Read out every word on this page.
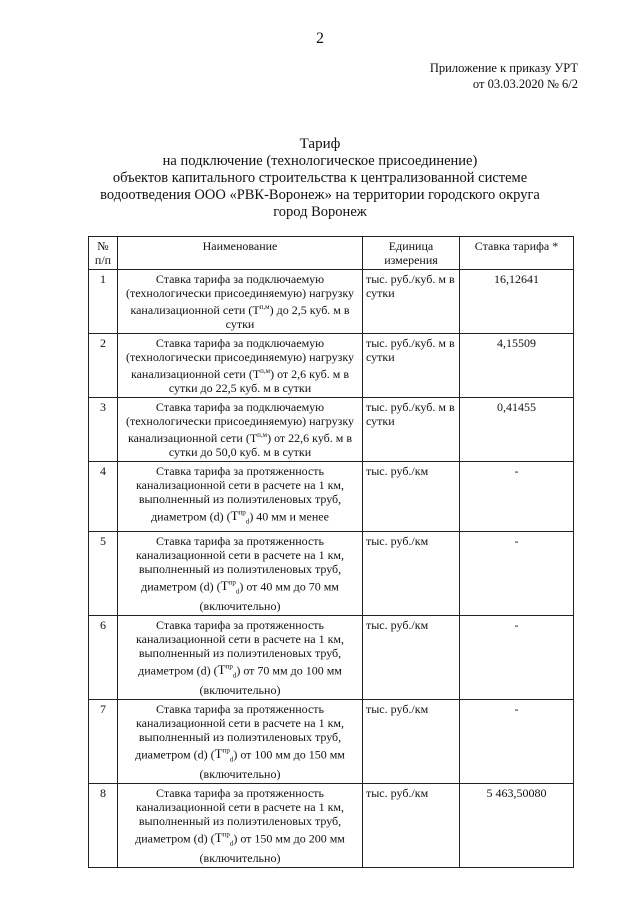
2
Приложение к приказу УРТ
от 03.03.2020 № 6/2
Тариф
на подключение (технологическое присоединение)
объектов капитального строительства к централизованной системе
водоотведения ООО «РВК-Воронеж» на территории городского округа
город Воронеж
№ п/п	Наименование	Единица измерения	Ставка тарифа *
1	Ставка тарифа за подключаемую (технологически присоединяемую) нагрузку канализационной сети $(Т^{п,м})$ до 2,5 куб. м в сутки	тыс. руб./куб. м в сутки	16,12641
2	Ставка тарифа за подключаемую (технологически присоединяемую) нагрузку канализационной сети $(Т^{п,м})$ от 2,6 куб. м в сутки до 22,5 куб. м в сутки	тыс. руб./куб. м в сутки	4,15509
3	Ставка тарифа за подключаемую (технологически присоединяемую) нагрузку канализационной сети $(Т^{п,м})$ от 22,6 куб. м в сутки до 50,0 куб. м в сутки	тыс. руб./куб. м в сутки	0,41455
4	Ставка тарифа за протяженность канализационной сети в расчете на 1 км, выполненный из полиэтиленовых труб, диаметром (d) $(T^{пр}_d)$ 40 мм и менее	тыс. руб./км	-
5	Ставка тарифа за протяженность канализационной сети в расчете на 1 км, выполненный из полиэтиленовых труб, диаметром (d) $(T^{пр}_d)$ от 40 мм до 70 мм (включительно)	тыс. руб./км	-
6	Ставка тарифа за протяженность канализационной сети в расчете на 1 км, выполненный из полиэтиленовых труб, диаметром (d) $(T^{пр}_d)$ от 70 мм до 100 мм (включительно)	тыс. руб./км	-
7	Ставка тарифа за протяженность канализационной сети в расчете на 1 км, выполненный из полиэтиленовых труб, диаметром (d) $(T^{пр}_d)$ от 100 мм до 150 мм (включительно)	тыс. руб./км	-
8	Ставка тарифа за протяженность канализационной сети в расчете на 1 км, выполненный из полиэтиленовых труб, диаметром (d) $(T^{пр}_d)$ от 150 мм до 200 мм (включительно)	тыс. руб./км	5 463,50080
